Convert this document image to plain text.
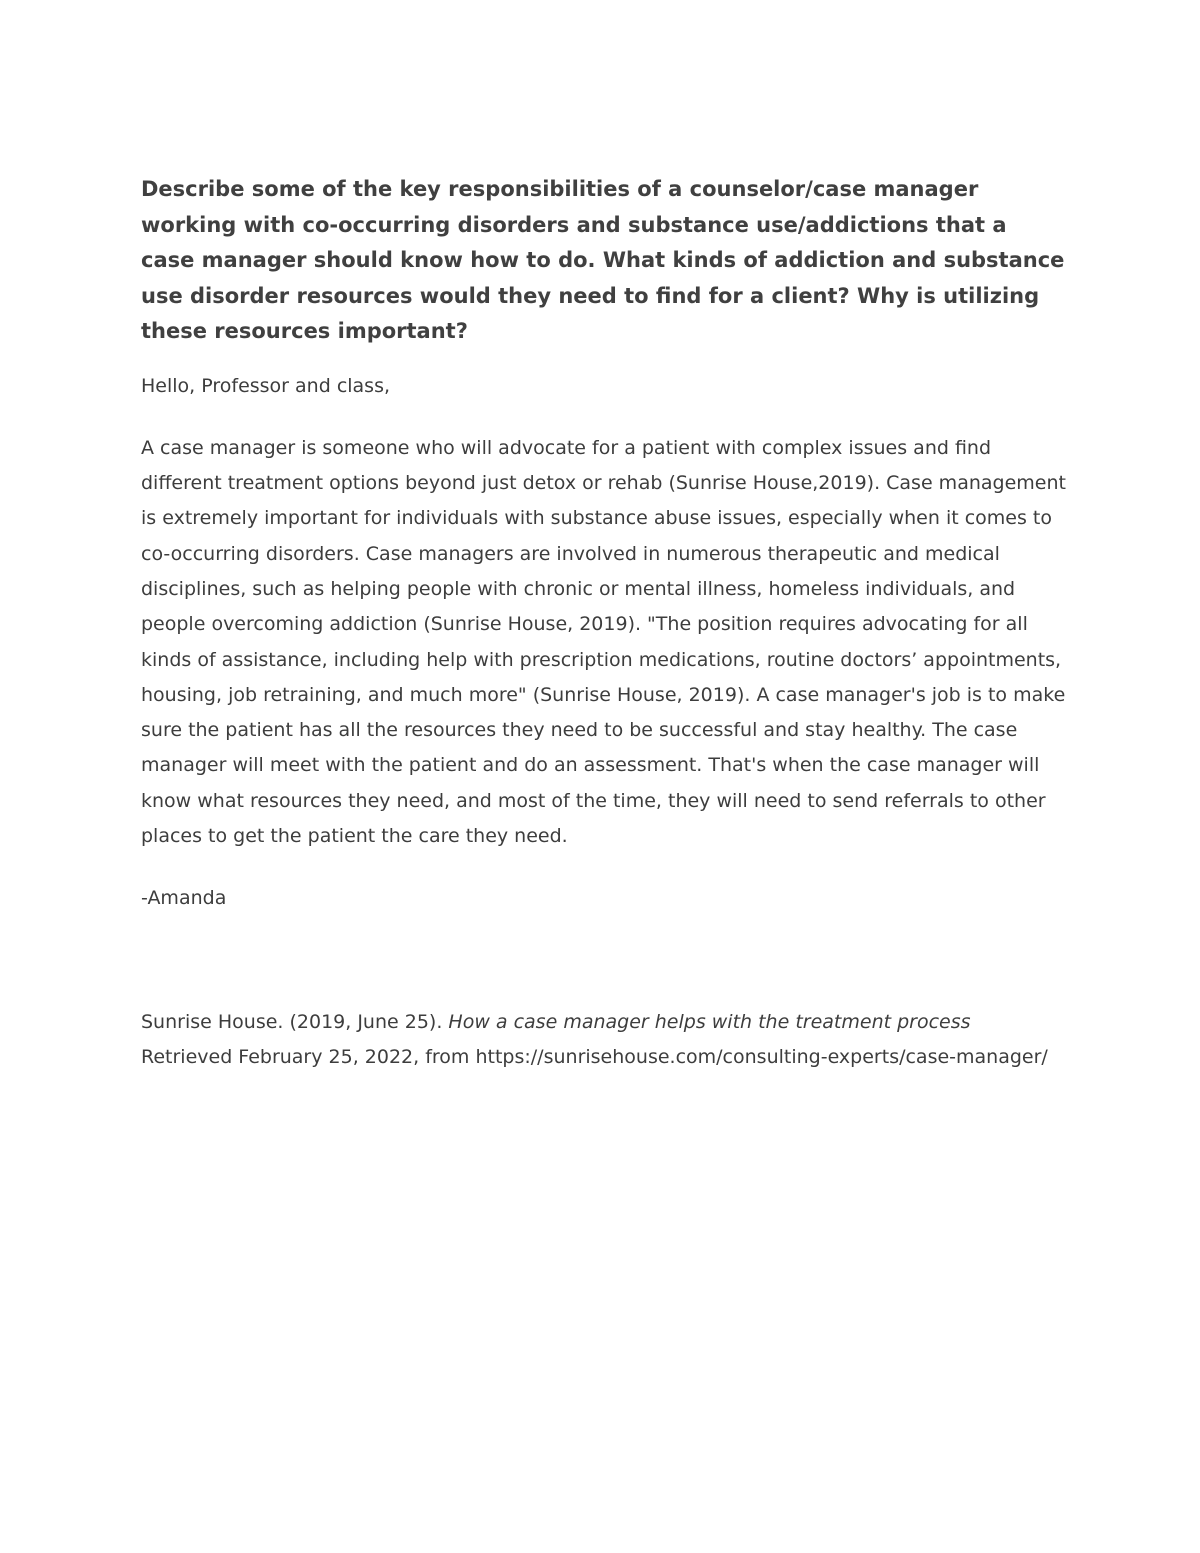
Describe some of the key responsibilities of a counselor/case manager working with co-occurring disorders and substance use/addictions that a case manager should know how to do. What kinds of addiction and substance use disorder resources would they need to find for a client? Why is utilizing these resources important?

Hello, Professor and class,

A case manager is someone who will advocate for a patient with complex issues and find different treatment options beyond just detox or rehab (Sunrise House,2019). Case management is extremely important for individuals with substance abuse issues, especially when it comes to co-occurring disorders. Case managers are involved in numerous therapeutic and medical disciplines, such as helping people with chronic or mental illness, homeless individuals, and people overcoming addiction (Sunrise House, 2019). "The position requires advocating for all kinds of assistance, including help with prescription medications, routine doctors’ appointments, housing, job retraining, and much more" (Sunrise House, 2019). A case manager's job is to make sure the patient has all the resources they need to be successful and stay healthy. The case manager will meet with the patient and do an assessment. That's when the case manager will know what resources they need, and most of the time, they will need to send referrals to other places to get the patient the care they need.

-Amanda

Sunrise House. (2019, June 25). How a case manager helps with the treatment process Retrieved February 25, 2022, from https://sunrisehouse.com/consulting-experts/case-manager/
